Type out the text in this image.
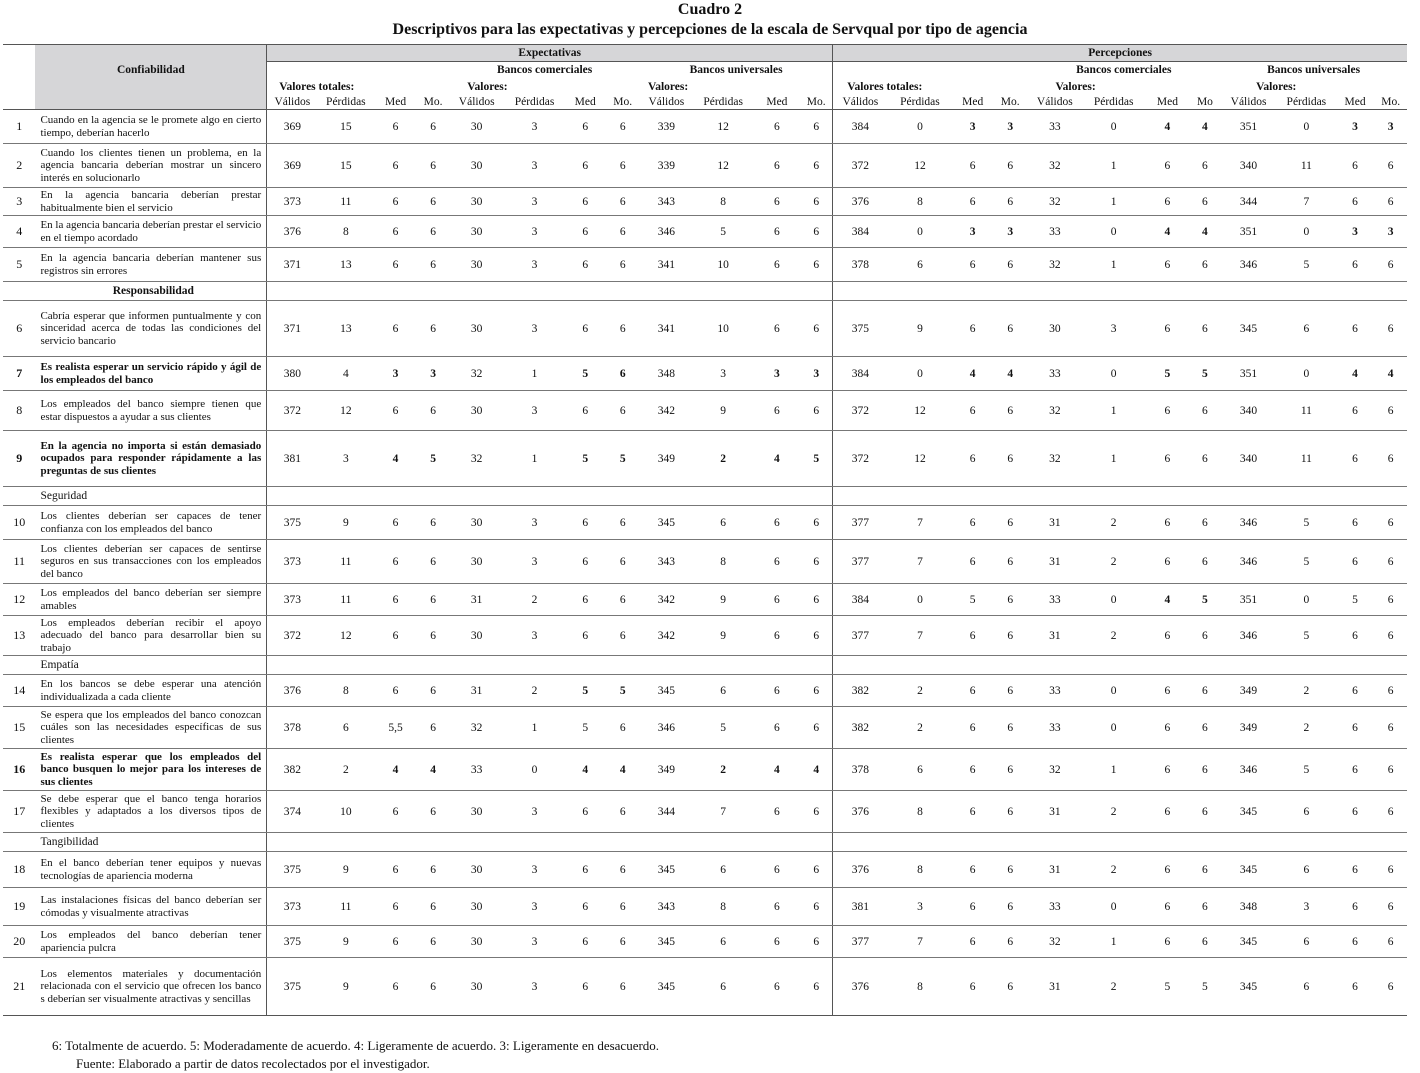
Cuadro 2
Descriptivos para las expectativas y percepciones de la escala de Servqual por tipo de agencia
	Confiabilidad	Expectativas												Percepciones											
						Bancos comerciales				Bancos universales								Bancos comerciales				Bancos universales			
		Valores totales:				Valores:				Valores:				Valores totales:				Valores:				Valores:			
		Válidos	Pérdidas	Med	Mo.	Válidos	Pérdidas	Med	Mo.	Válidos	Pérdidas	Med	Mo.	Válidos	Pérdidas	Med	Mo.	Válidos	Pérdidas	Med	Mo	Válidos	Pérdidas	Med	Mo.
1	Cuando en la agencia se le promete algo en cierto tiempo, deberían hacerlo	369	15	6	6	30	3	6	6	339	12	6	6	384	0	3	3	33	0	4	4	351	0	3	3
2	Cuando los clientes tienen un problema, en la agencia bancaria deberían mostrar un sincero interés en solucionarlo	369	15	6	6	30	3	6	6	339	12	6	6	372	12	6	6	32	1	6	6	340	11	6	6
3	En la agencia bancaria deberían prestar habitualmente bien el servicio	373	11	6	6	30	3	6	6	343	8	6	6	376	8	6	6	32	1	6	6	344	7	6	6
4	En la agencia bancaria deberían prestar el servicio en el tiempo acordado	376	8	6	6	30	3	6	6	346	5	6	6	384	0	3	3	33	0	4	4	351	0	3	3
5	En la agencia bancaria deberían mantener sus registros sin errores	371	13	6	6	30	3	6	6	341	10	6	6	378	6	6	6	32	1	6	6	346	5	6	6
	Responsabilidad																								
6	Cabría esperar que informen puntualmente y con sinceridad acerca de todas las condiciones del servicio bancario	371	13	6	6	30	3	6	6	341	10	6	6	375	9	6	6	30	3	6	6	345	6	6	6
7	Es realista esperar un servicio rápido y ágil de los empleados del banco	380	4	3	3	32	1	5	6	348	3	3	3	384	0	4	4	33	0	5	5	351	0	4	4
8	Los empleados del banco siempre tienen que estar dispuestos a ayudar a sus clientes	372	12	6	6	30	3	6	6	342	9	6	6	372	12	6	6	32	1	6	6	340	11	6	6
9	En la agencia no importa si están demasiado ocupados para responder rápidamente a las preguntas de sus clientes	381	3	4	5	32	1	5	5	349	2	4	5	372	12	6	6	32	1	6	6	340	11	6	6
	Seguridad																								
10	Los clientes deberían ser capaces de tener confianza con los empleados del banco	375	9	6	6	30	3	6	6	345	6	6	6	377	7	6	6	31	2	6	6	346	5	6	6
11	Los clientes deberían ser capaces de sentirse seguros en sus transacciones con los empleados del banco	373	11	6	6	30	3	6	6	343	8	6	6	377	7	6	6	31	2	6	6	346	5	6	6
12	Los empleados del banco deberían ser siempre amables	373	11	6	6	31	2	6	6	342	9	6	6	384	0	5	6	33	0	4	5	351	0	5	6
13	Los empleados deberían recibir el apoyo adecuado del banco para desarrollar bien su trabajo	372	12	6	6	30	3	6	6	342	9	6	6	377	7	6	6	31	2	6	6	346	5	6	6
	Empatía																								
14	En los bancos se debe esperar una atención individualizada a cada cliente	376	8	6	6	31	2	5	5	345	6	6	6	382	2	6	6	33	0	6	6	349	2	6	6
15	Se espera que los empleados del banco conozcan cuáles son las necesidades específicas de sus clientes	378	6	5,5	6	32	1	5	6	346	5	6	6	382	2	6	6	33	0	6	6	349	2	6	6
16	Es realista esperar que los empleados del banco busquen lo mejor para los intereses de sus clientes	382	2	4	4	33	0	4	4	349	2	4	4	378	6	6	6	32	1	6	6	346	5	6	6
17	Se debe esperar que el banco tenga horarios flexibles y adaptados a los diversos tipos de clientes	374	10	6	6	30	3	6	6	344	7	6	6	376	8	6	6	31	2	6	6	345	6	6	6
	Tangibilidad																								
18	En el banco deberían tener equipos y nuevas tecnologías de apariencia moderna	375	9	6	6	30	3	6	6	345	6	6	6	376	8	6	6	31	2	6	6	345	6	6	6
19	Las instalaciones físicas del banco deberían ser cómodas y visualmente atractivas	373	11	6	6	30	3	6	6	343	8	6	6	381	3	6	6	33	0	6	6	348	3	6	6
20	Los empleados del banco deberían tener apariencia pulcra	375	9	6	6	30	3	6	6	345	6	6	6	377	7	6	6	32	1	6	6	345	6	6	6
21	Los elementos materiales y documentación relacionada con el servicio que ofrecen los banco s deberían ser visualmente atractivas y sencillas	375	9	6	6	30	3	6	6	345	6	6	6	376	8	6	6	31	2	5	5	345	6	6	6
6: Totalmente de acuerdo. 5: Moderadamente de acuerdo. 4: Ligeramente de acuerdo. 3: Ligeramente en desacuerdo.
Fuente: Elaborado a partir de datos recolectados por el investigador.
